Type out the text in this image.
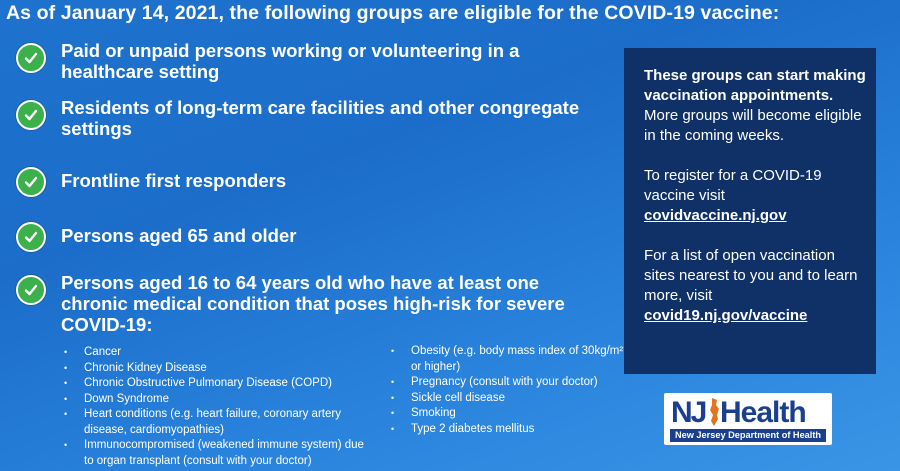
As of January 14, 2021, the following groups are eligible for the COVID-19 vaccine:
Paid or unpaid persons working or volunteering in a healthcare setting
Residents of long-term care facilities and other congregate settings
Frontline first responders
Persons aged 65 and older
Persons aged 16 to 64 years old who have at least one chronic medical condition that poses high-risk for severe COVID-19:
• Cancer
• Chronic Kidney Disease
• Chronic Obstructive Pulmonary Disease (COPD)
• Down Syndrome
• Heart conditions (e.g. heart failure, coronary artery disease, cardiomyopathies)
• Immunocompromised (weakened immune system) due to organ transplant (consult with your doctor)
• Obesity (e.g. body mass index of 30kg/m² or higher)
• Pregnancy (consult with your doctor)
• Sickle cell disease
• Smoking
• Type 2 diabetes mellitus

These groups can start making vaccination appointments. More groups will become eligible in the coming weeks.

To register for a COVID-19 vaccine visit
covidvaccine.nj.gov

For a list of open vaccination sites nearest to you and to learn more, visit
covid19.nj.gov/vaccine

NJ Health
New Jersey Department of Health
